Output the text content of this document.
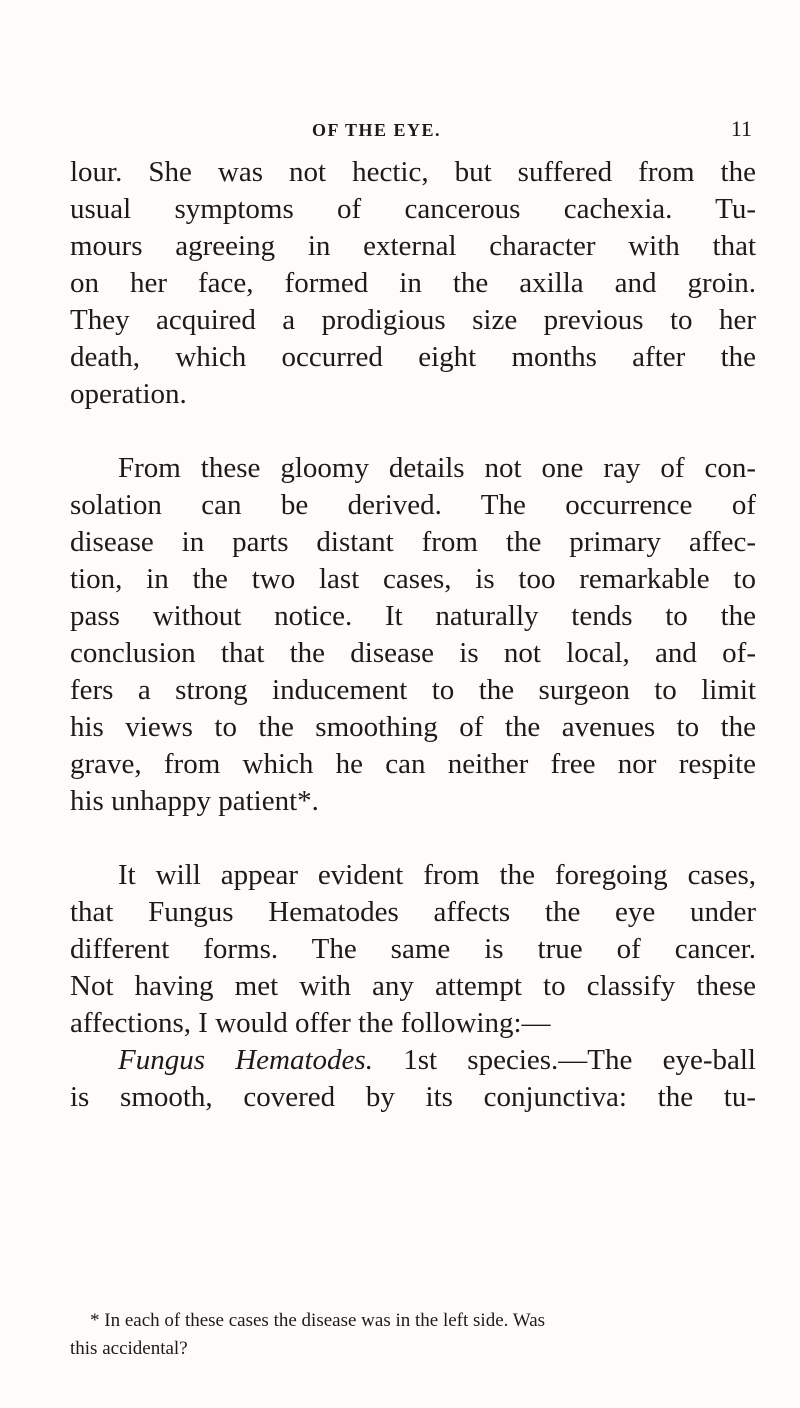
OF THE EYE.	11
lour. She was not hectic, but suffered from the
usual symptoms of cancerous cachexia. Tu-
mours agreeing in external character with that
on her face, formed in the axilla and groin.
They acquired a prodigious size previous to her
death, which occurred eight months after the
operation.
From these gloomy details not one ray of con-
solation can be derived. The occurrence of
disease in parts distant from the primary affec-
tion, in the two last cases, is too remarkable to
pass without notice. It naturally tends to the
conclusion that the disease is not local, and of-
fers a strong inducement to the surgeon to limit
his views to the smoothing of the avenues to the
grave, from which he can neither free nor respite
his unhappy patient*.
It will appear evident from the foregoing cases,
that Fungus Hematodes affects the eye under
different forms. The same is true of cancer.
Not having met with any attempt to classify these
affections, I would offer the following:—
Fungus Hematodes. 1st species.—The eye-ball
is smooth, covered by its conjunctiva: the tu-
* In each of these cases the disease was in the left side. Was
this accidental?
